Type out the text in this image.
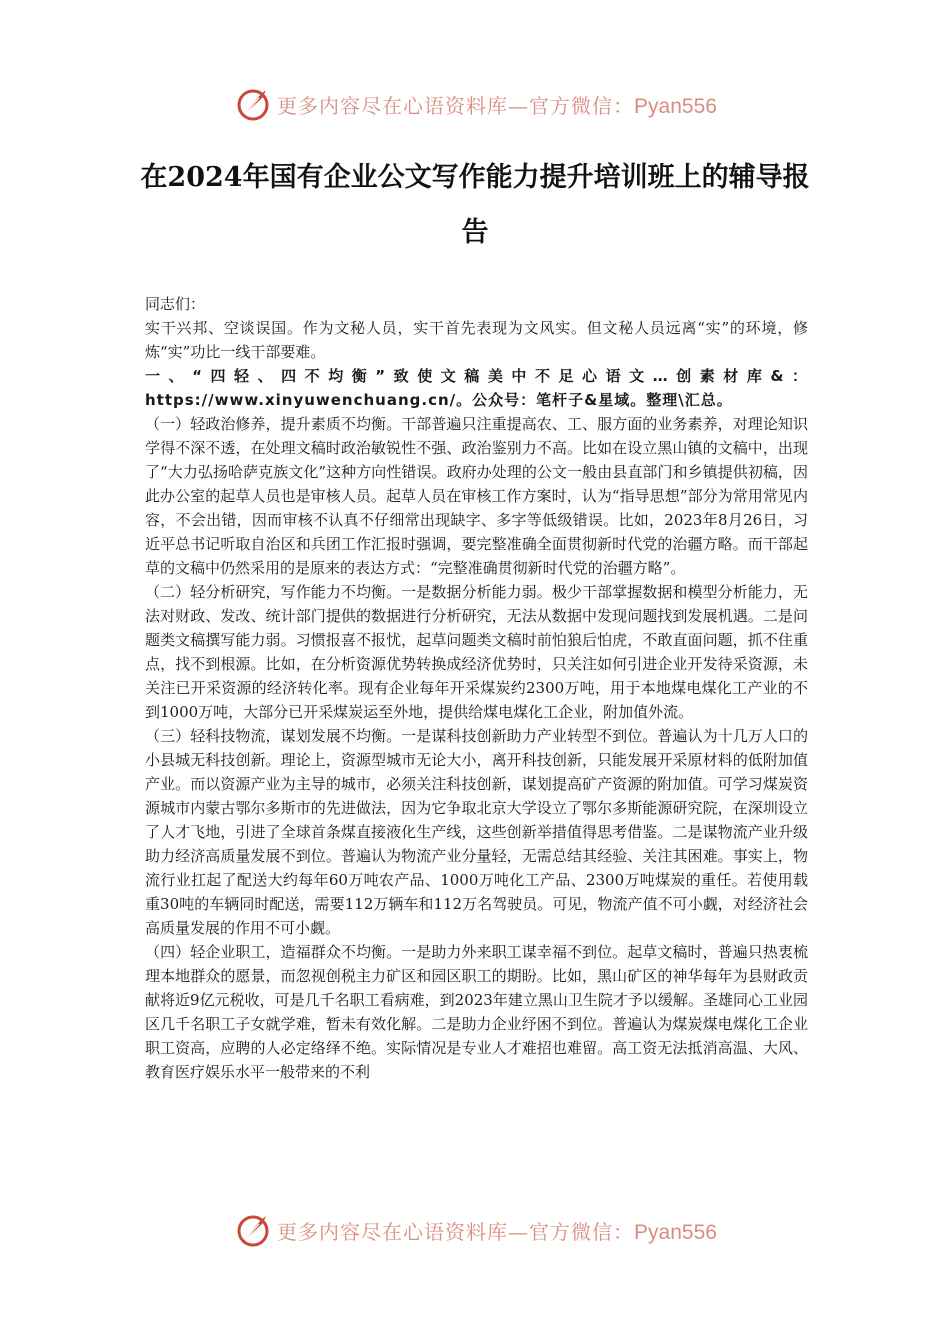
更多内容尽在心语资料库—官方微信：Pyan556
在2024年国有企业公文写作能力提升培训班上的辅导报告

同志们：

实干兴邦、空谈误国。作为文秘人员，实干首先表现为文风实。但文秘人员远离“实”的环境，修炼“实”功比一线干部要难。

一、“四轻、四不均衡”致使文稿美中不足心语文…创素材库&：https://www.xinyuwenchuang.cn/。公众号：笔杆子&星域。整理\汇总。

（一）轻政治修养，提升素质不均衡。干部普遍只注重提高农、工、服方面的业务素养，对理论知识学得不深不透，在处理文稿时政治敏锐性不强、政治鉴别力不高。比如在设立黑山镇的文稿中，出现了“大力弘扬哈萨克族文化”这种方向性错误。政府办处理的公文一般由县直部门和乡镇提供初稿，因此办公室的起草人员也是审核人员。起草人员在审核工作方案时，认为“指导思想”部分为常用常见内容，不会出错，因而审核不认真不仔细常出现缺字、多字等低级错误。比如，2023年8月26日，习近平总书记听取自治区和兵团工作汇报时强调，要完整准确全面贯彻新时代党的治疆方略。而干部起草的文稿中仍然采用的是原来的表达方式：“完整准确贯彻新时代党的治疆方略”。

（二）轻分析研究，写作能力不均衡。一是数据分析能力弱。极少干部掌握数据和模型分析能力，无法对财政、发改、统计部门提供的数据进行分析研究，无法从数据中发现问题找到发展机遇。二是问题类文稿撰写能力弱。习惯报喜不报忧，起草问题类文稿时前怕狼后怕虎，不敢直面问题，抓不住重点，找不到根源。比如，在分析资源优势转换成经济优势时，只关注如何引进企业开发待采资源，未关注已开采资源的经济转化率。现有企业每年开采煤炭约2300万吨，用于本地煤电煤化工产业的不到1000万吨，大部分已开采煤炭运至外地，提供给煤电煤化工企业，附加值外流。

（三）轻科技物流，谋划发展不均衡。一是谋科技创新助力产业转型不到位。普遍认为十几万人口的小县城无科技创新。理论上，资源型城市无论大小，离开科技创新，只能发展开采原材料的低附加值产业。而以资源产业为主导的城市，必须关注科技创新，谋划提高矿产资源的附加值。可学习煤炭资源城市内蒙古鄂尔多斯市的先进做法，因为它争取北京大学设立了鄂尔多斯能源研究院，在深圳设立了人才飞地，引进了全球首条煤直接液化生产线，这些创新举措值得思考借鉴。二是谋物流产业升级助力经济高质量发展不到位。普遍认为物流产业分量轻，无需总结其经验、关注其困难。事实上，物流行业扛起了配送大约每年60万吨农产品、1000万吨化工产品、2300万吨煤炭的重任。若使用载重30吨的车辆同时配送，需要112万辆车和112万名驾驶员。可见，物流产值不可小觑，对经济社会高质量发展的作用不可小觑。

（四）轻企业职工，造福群众不均衡。一是助力外来职工谋幸福不到位。起草文稿时，普遍只热衷梳理本地群众的愿景，而忽视创税主力矿区和园区职工的期盼。比如，黑山矿区的神华每年为县财政贡献将近9亿元税收，可是几千名职工看病难，到2023年建立黑山卫生院才予以缓解。圣雄同心工业园区几千名职工子女就学难，暂未有效化解。二是助力企业纾困不到位。普遍认为煤炭煤电煤化工企业职工资高，应聘的人必定络绎不绝。实际情况是专业人才难招也难留。高工资无法抵消高温、大风、教育医疗娱乐水平一般带来的不利

更多内容尽在心语资料库—官方微信：Pyan556
